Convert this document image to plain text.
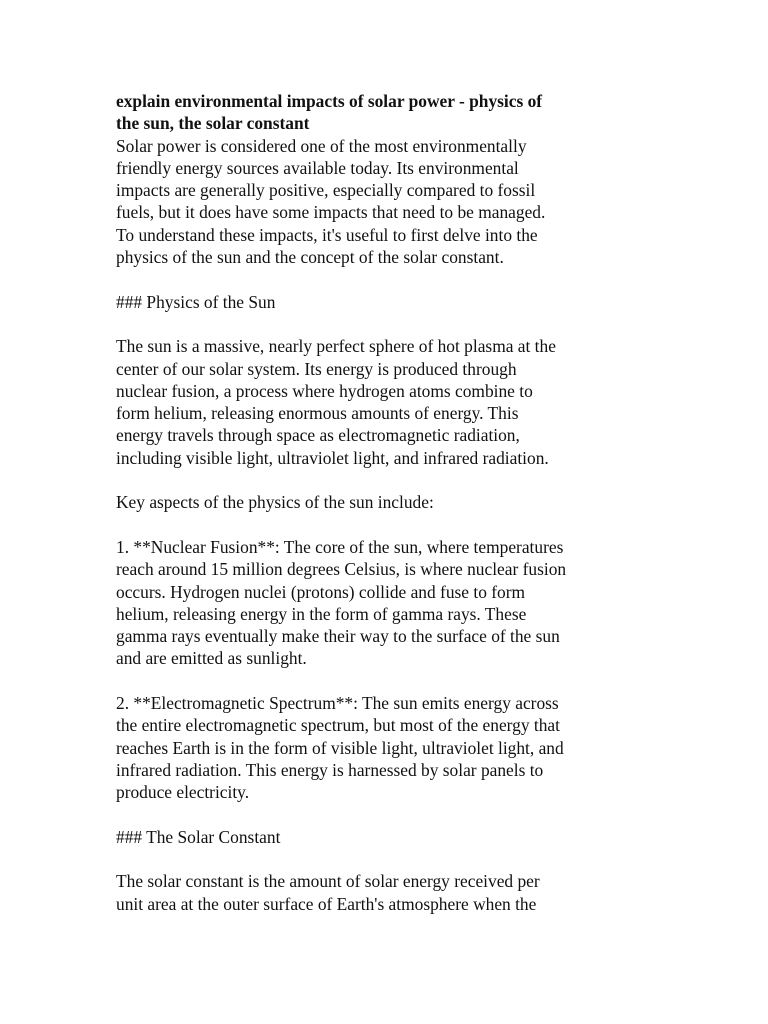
explain environmental impacts of solar power - physics of
the sun, the solar constant

Solar power is considered one of the most environmentally
friendly energy sources available today. Its environmental
impacts are generally positive, especially compared to fossil
fuels, but it does have some impacts that need to be managed.
To understand these impacts, it's useful to first delve into the
physics of the sun and the concept of the solar constant.

### Physics of the Sun

The sun is a massive, nearly perfect sphere of hot plasma at the
center of our solar system. Its energy is produced through
nuclear fusion, a process where hydrogen atoms combine to
form helium, releasing enormous amounts of energy. This
energy travels through space as electromagnetic radiation,
including visible light, ultraviolet light, and infrared radiation.

Key aspects of the physics of the sun include:

1. **Nuclear Fusion**: The core of the sun, where temperatures
reach around 15 million degrees Celsius, is where nuclear fusion
occurs. Hydrogen nuclei (protons) collide and fuse to form
helium, releasing energy in the form of gamma rays. These
gamma rays eventually make their way to the surface of the sun
and are emitted as sunlight.

2. **Electromagnetic Spectrum**: The sun emits energy across
the entire electromagnetic spectrum, but most of the energy that
reaches Earth is in the form of visible light, ultraviolet light, and
infrared radiation. This energy is harnessed by solar panels to
produce electricity.

### The Solar Constant

The solar constant is the amount of solar energy received per
unit area at the outer surface of Earth's atmosphere when the
